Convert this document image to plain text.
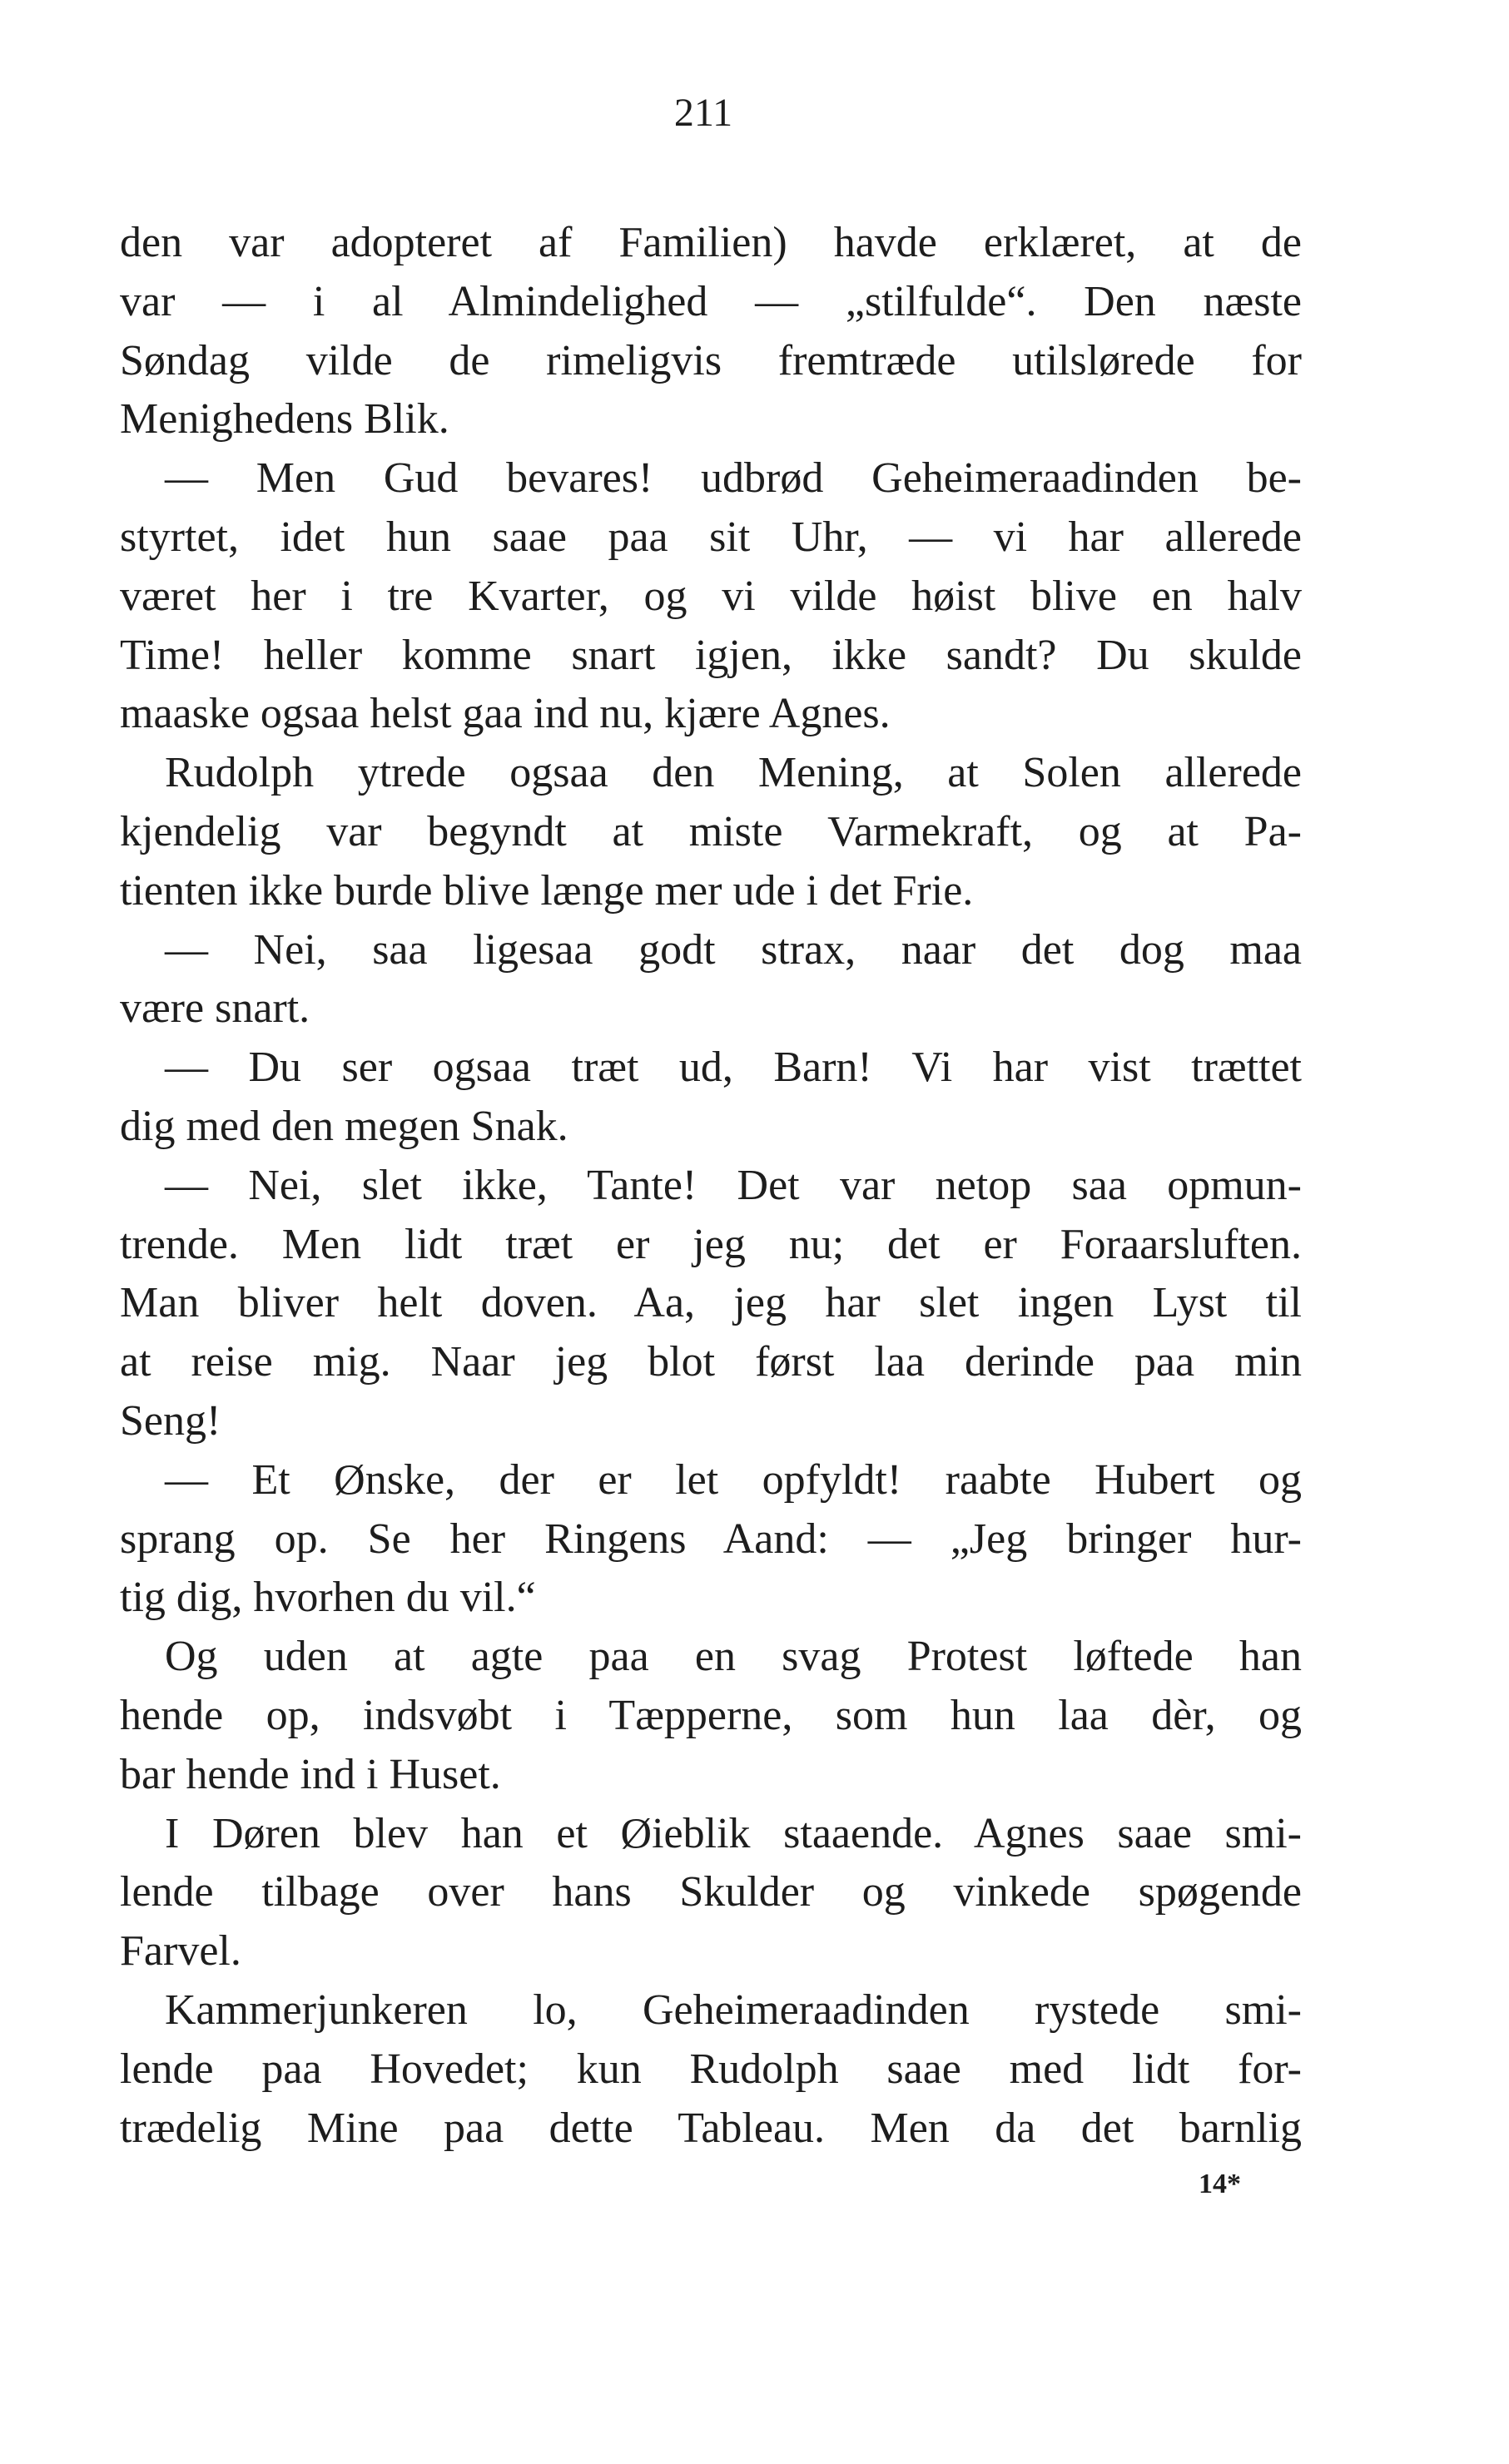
211
den var adopteret af Familien) havde erklæret, at de
var — i al Almindelighed — „stilfulde“. Den næste
Søndag vilde de rimeligvis fremtræde utilslørede for
Menighedens Blik.
— Men Gud bevares! udbrød Geheimeraadinden be-
styrtet, idet hun saae paa sit Uhr, — vi har allerede
været her i tre Kvarter, og vi vilde høist blive en halv
Time! heller komme snart igjen, ikke sandt? Du skulde
maaske ogsaa helst gaa ind nu, kjære Agnes.
Rudolph ytrede ogsaa den Mening, at Solen allerede
kjendelig var begyndt at miste Varmekraft, og at Pa-
tienten ikke burde blive længe mer ude i det Frie.
— Nei, saa ligesaa godt strax, naar det dog maa
være snart.
— Du ser ogsaa træt ud, Barn! Vi har vist trættet
dig med den megen Snak.
— Nei, slet ikke, Tante! Det var netop saa opmun-
trende. Men lidt træt er jeg nu; det er Foraarsluften.
Man bliver helt doven. Aa, jeg har slet ingen Lyst til
at reise mig. Naar jeg blot først laa derinde paa min
Seng!
— Et Ønske, der er let opfyldt! raabte Hubert og
sprang op. Se her Ringens Aand: — „Jeg bringer hur-
tig dig, hvorhen du vil.“
Og uden at agte paa en svag Protest løftede han
hende op, indsvøbt i Tæpperne, som hun laa dèr, og
bar hende ind i Huset.
I Døren blev han et Øieblik staaende. Agnes saae smi-
lende tilbage over hans Skulder og vinkede spøgende
Farvel.
Kammerjunkeren lo, Geheimeraadinden rystede smi-
lende paa Hovedet; kun Rudolph saae med lidt for-
trædelig Mine paa dette Tableau. Men da det barnlig
14*
